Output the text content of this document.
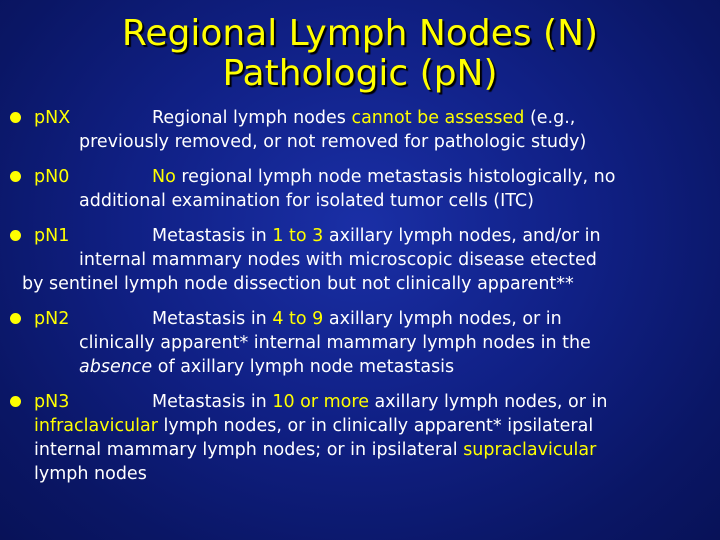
Regional Lymph Nodes (N)
Pathologic (pN)
pNX	Regional lymph nodes cannot be assessed (e.g.,
previously removed, or not removed for pathologic study)
pN0	No regional lymph node metastasis histologically, no
additional examination for isolated tumor cells (ITC)
pN1	Metastasis in 1 to 3 axillary lymph nodes, and/or in
internal mammary nodes with microscopic disease etected
by sentinel lymph node dissection but not clinically apparent**
pN2	Metastasis in 4 to 9 axillary lymph nodes, or in
clinically apparent* internal mammary lymph nodes in the
absence of axillary lymph node metastasis
pN3	Metastasis in 10 or more axillary lymph nodes, or in
infraclavicular lymph nodes, or in clinically apparent* ipsilateral
internal mammary lymph nodes; or in ipsilateral supraclavicular
lymph nodes
